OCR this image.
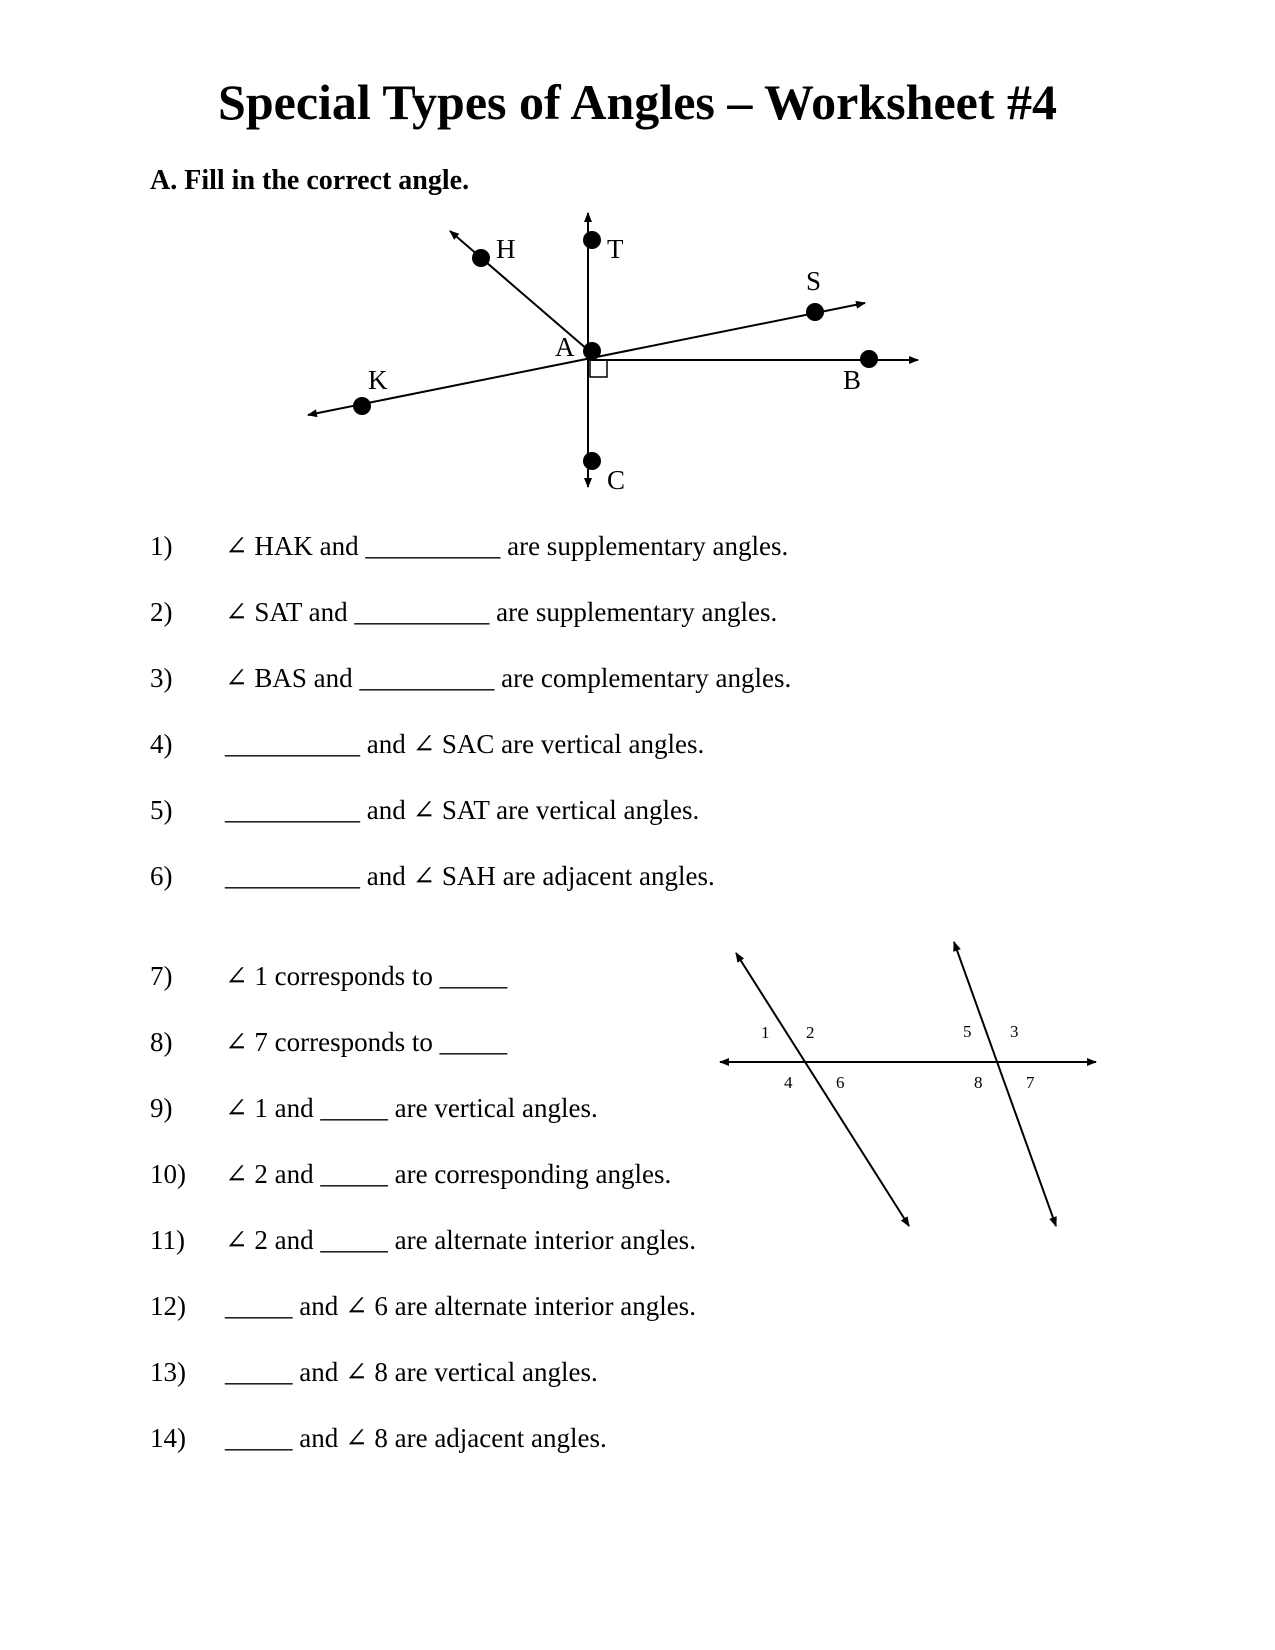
Special Types of Angles – Worksheet #4
A. Fill in the correct angle.
H	T
S
A
K	B
C
1 2	5 3
4	6	8	7
1) ∠ HAK and __________ are supplementary angles.
2) ∠ SAT and __________ are supplementary angles.
3) ∠ BAS and __________ are complementary angles.
4) __________ and ∠ SAC are vertical angles.
5) __________ and ∠ SAT are vertical angles.
6) __________ and ∠ SAH are adjacent angles.
7) ∠ 1 corresponds to _____
8) ∠ 7 corresponds to _____
9) ∠ 1 and _____ are vertical angles.
10) ∠ 2 and _____ are corresponding angles.
11) ∠ 2 and _____ are alternate interior angles.
12) _____ and ∠ 6 are alternate interior angles.
13) _____ and ∠ 8 are vertical angles.
14) _____ and ∠ 8 are adjacent angles.
